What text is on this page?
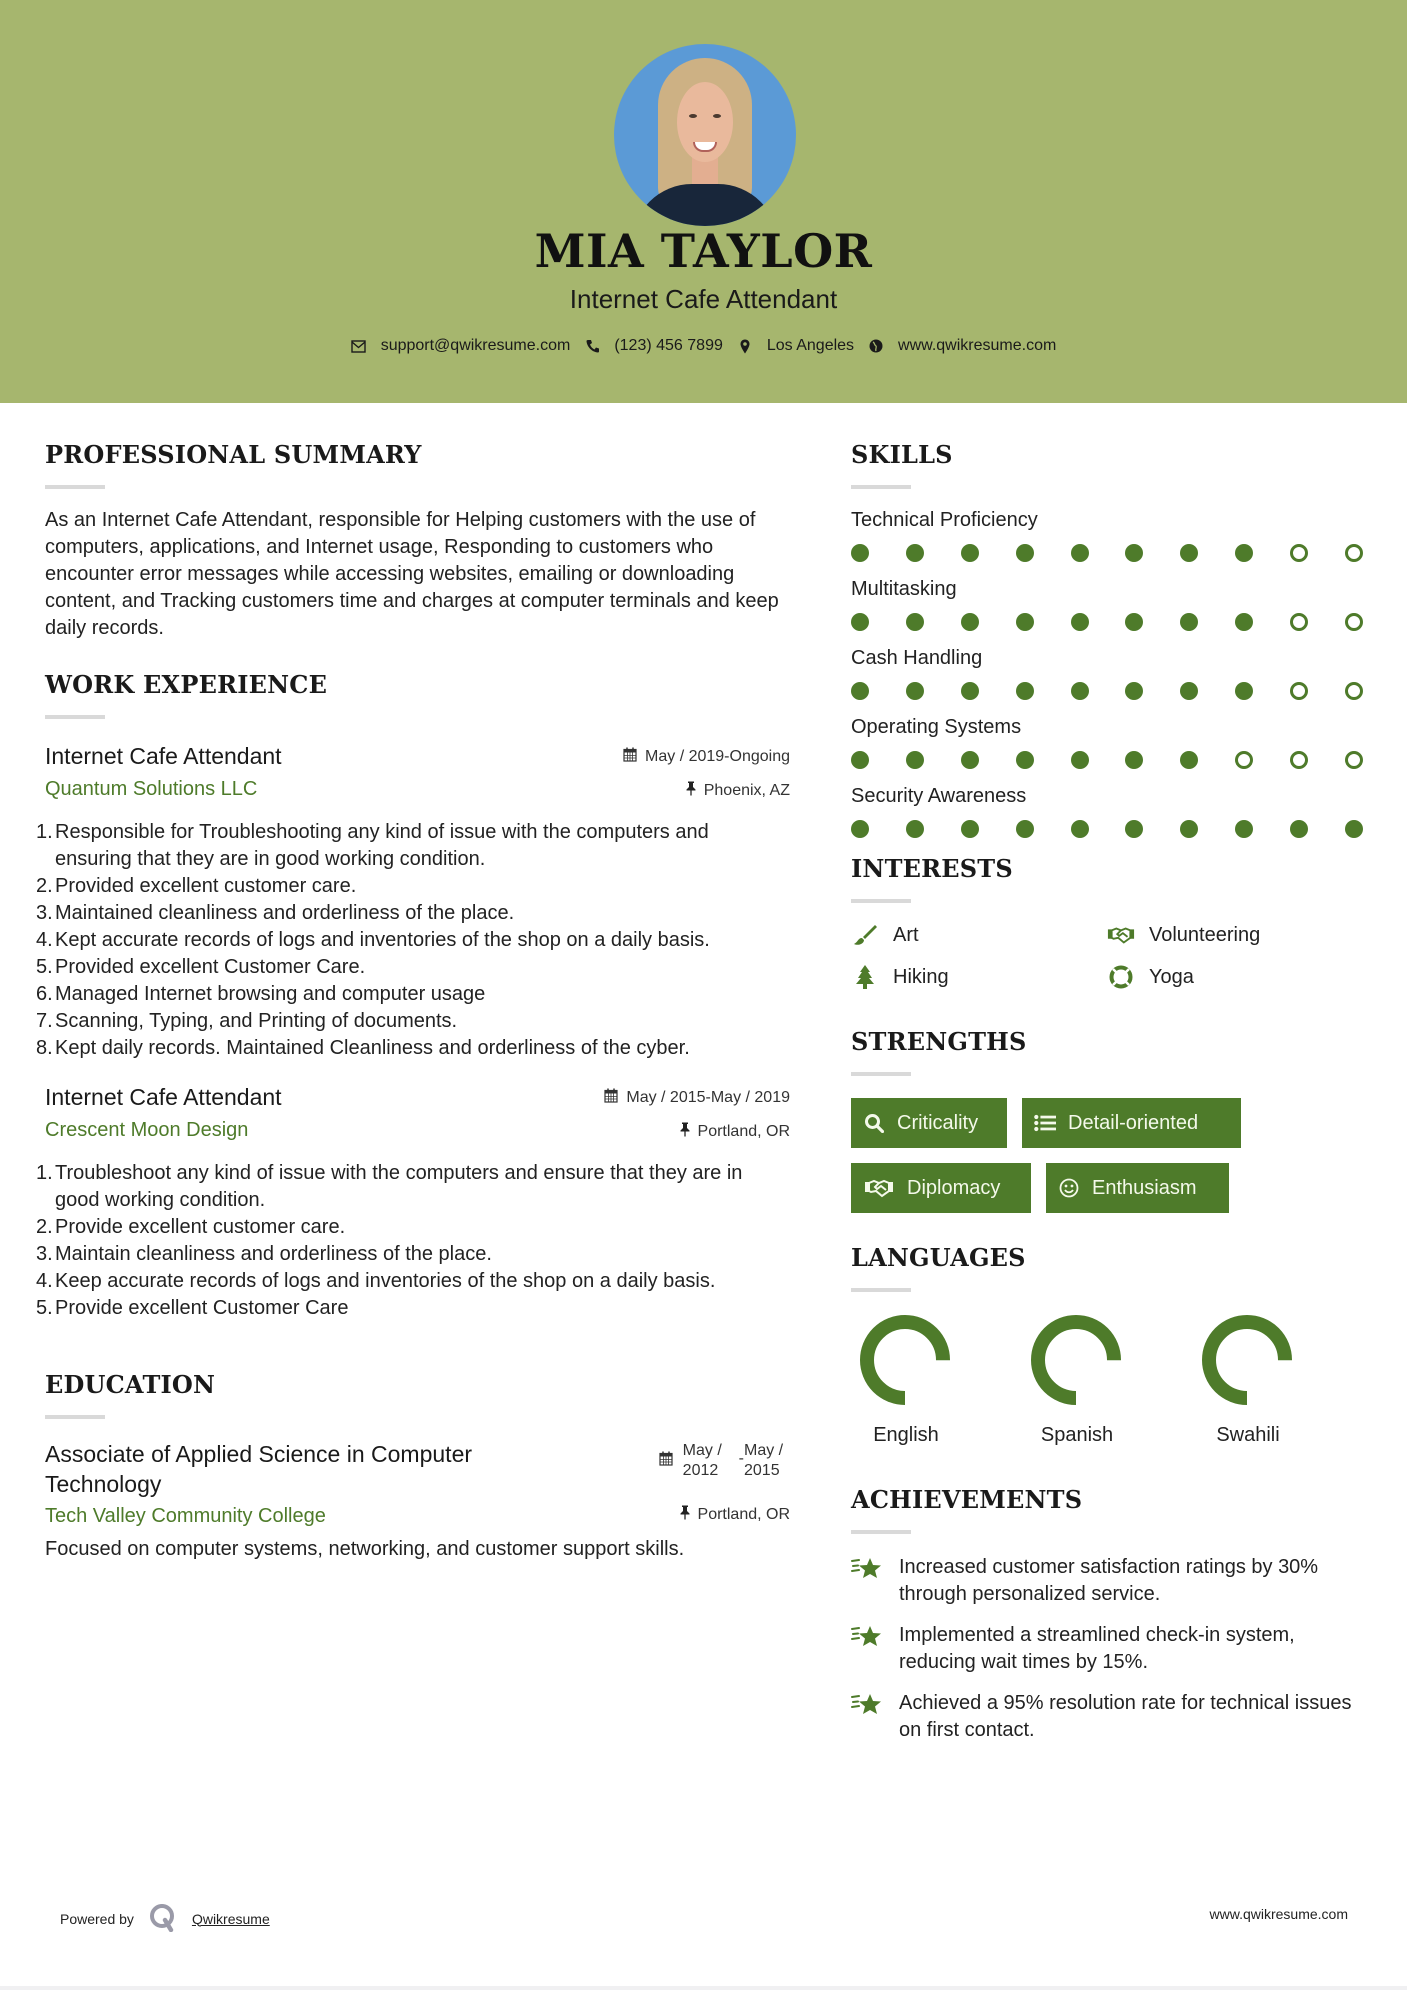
MIA TAYLOR
Internet Cafe Attendant
support@qwikresume.com	(123) 456 7899	Los Angeles	www.qwikresume.com
PROFESSIONAL SUMMARY

As an Internet Cafe Attendant, responsible for Helping customers with the use of computers, applications, and Internet usage, Responding to customers who encounter error messages while accessing websites, emailing or downloading content, and Tracking customers time and charges at computer terminals and keep daily records.

WORK EXPERIENCE
Internet Cafe Attendant
Quantum Solutions LLC
May / 2019-Ongoing
Phoenix, AZ
1. Responsible for Troubleshooting any kind of issue with the computers and ensuring that they are in good working condition.
2. Provided excellent customer care.
3. Maintained cleanliness and orderliness of the place.
4. Kept accurate records of logs and inventories of the shop on a daily basis.
5. Provided excellent Customer Care.
6. Managed Internet browsing and computer usage
7. Scanning, Typing, and Printing of documents.
8. Kept daily records. Maintained Cleanliness and orderliness of the cyber.
Internet Cafe Attendant
Crescent Moon Design
May / 2015-May / 2019
Portland, OR
1. Troubleshoot any kind of issue with the computers and ensure that they are in good working condition.
2. Provide excellent customer care.
3. Maintain cleanliness and orderliness of the place.
4. Keep accurate records of logs and inventories of the shop on a daily basis.
5. Provide excellent Customer Care
EDUCATION
Associate of Applied Science in Computer Technology
Tech Valley Community College
May / 2012
- May / 2015
Portland, OR

Focused on computer systems, networking, and customer support skills.

SKILLS
Technical Proficiency
Multitasking
Cash Handling
Operating Systems
Security Awareness
INTERESTS
Art	Volunteering
Hiking	Yoga
STRENGTHS
Criticality	Detail-oriented
Diplomacy	Enthusiasm
LANGUAGES
English	Spanish	Swahili
ACHIEVEMENTS
Increased customer satisfaction ratings by 30% through personalized service.
Implemented a streamlined check-in system, reducing wait times by 15%.
Achieved a 95% resolution rate for technical issues on first contact.
Powered by	Qwikresume	www.qwikresume.com
